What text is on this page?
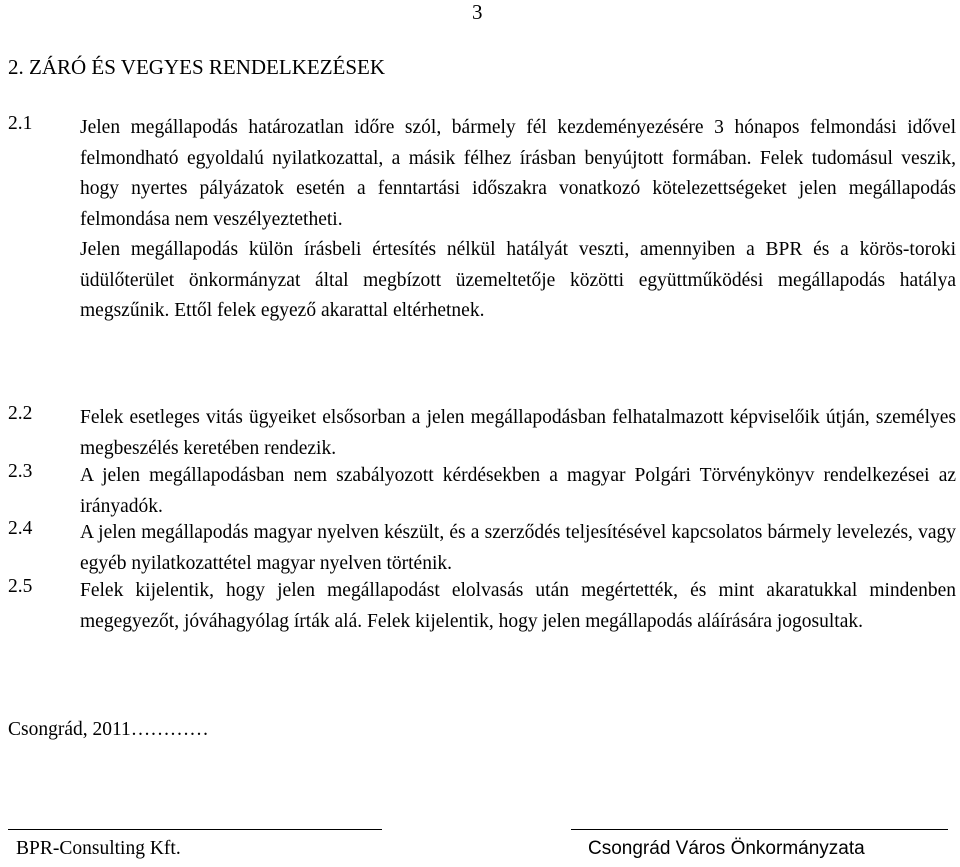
3
2. ZÁRÓ ÉS VEGYES RENDELKEZÉSEK
2.1	Jelen megállapodás határozatlan időre szól, bármely fél kezdeményezésére 3 hónapos felmondási idővel felmondható egyoldalú nyilatkozattal, a másik félhez írásban benyújtott formában. Felek tudomásul veszik, hogy nyertes pályázatok esetén a fenntartási időszakra vonatkozó kötelezettségeket jelen megállapodás felmondása nem veszélyeztetheti.

Jelen megállapodás külön írásbeli értesítés nélkül hatályát veszti, amennyiben a BPR és a körös-toroki üdülőterület önkormányzat által megbízott üzemeltetője közötti együttműködési megállapodás hatálya megszűnik. Ettől felek egyező akarattal eltérhetnek.

2.2	Felek esetleges vitás ügyeiket elsősorban a jelen megállapodásban felhatalmazott képviselőik útján, személyes megbeszélés keretében rendezik.

2.3	A jelen megállapodásban nem szabályozott kérdésekben a magyar Polgári Törvénykönyv rendelkezései az irányadók.

2.4	A jelen megállapodás magyar nyelven készült, és a szerződés teljesítésével kapcsolatos bármely levelezés, vagy egyéb nyilatkozattétel magyar nyelven történik.

2.5	Felek kijelentik, hogy jelen megállapodást elolvasás után megértették, és mint akaratukkal mindenben megegyezőt, jóváhagyólag írták alá. Felek kijelentik, hogy jelen megállapodás aláírására jogosultak.

Csongrád, 2011…………
BPR-Consulting Kft.	Csongrád Város Önkormányzata
